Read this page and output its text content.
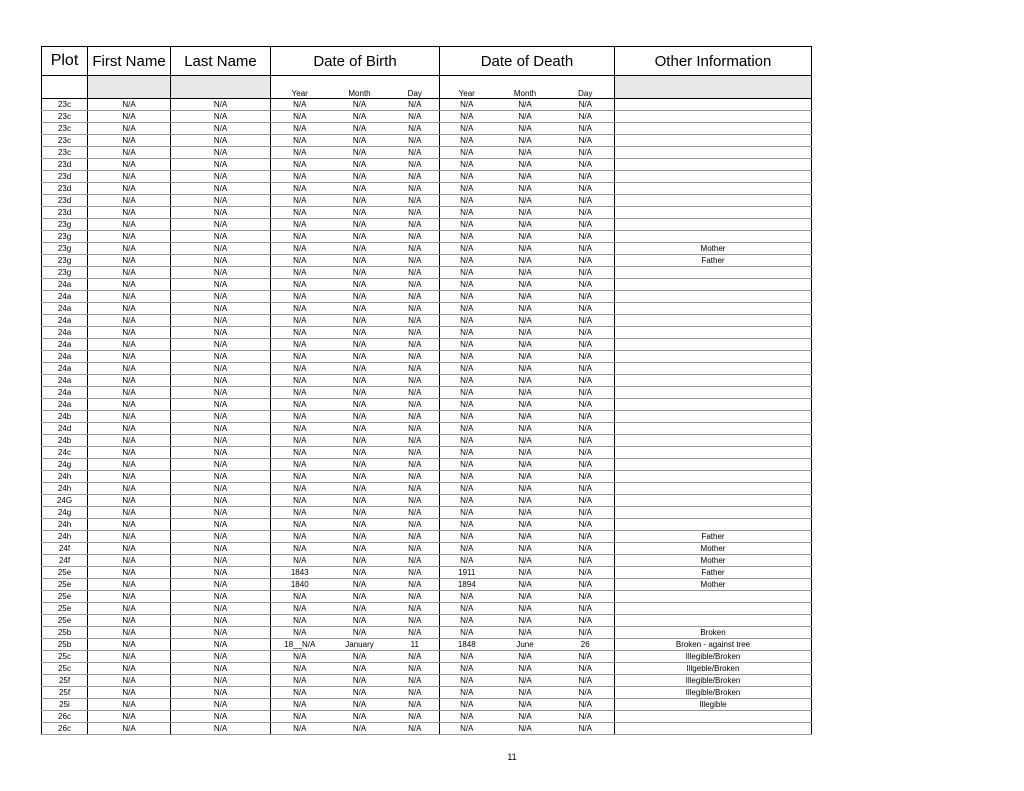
Plot	First Name	Last Name	Date of Birth			Date of Death			Other Information
			Year	Month	Day	Year	Month	Day	
23c	N/A	N/A	N/A	N/A	N/A	N/A	N/A	N/A	
23c	N/A	N/A	N/A	N/A	N/A	N/A	N/A	N/A	
23c	N/A	N/A	N/A	N/A	N/A	N/A	N/A	N/A	
23c	N/A	N/A	N/A	N/A	N/A	N/A	N/A	N/A	
23c	N/A	N/A	N/A	N/A	N/A	N/A	N/A	N/A	
23d	N/A	N/A	N/A	N/A	N/A	N/A	N/A	N/A	
23d	N/A	N/A	N/A	N/A	N/A	N/A	N/A	N/A	
23d	N/A	N/A	N/A	N/A	N/A	N/A	N/A	N/A	
23d	N/A	N/A	N/A	N/A	N/A	N/A	N/A	N/A	
23d	N/A	N/A	N/A	N/A	N/A	N/A	N/A	N/A	
23g	N/A	N/A	N/A	N/A	N/A	N/A	N/A	N/A	
23g	N/A	N/A	N/A	N/A	N/A	N/A	N/A	N/A	
23g	N/A	N/A	N/A	N/A	N/A	N/A	N/A	N/A	Mother
23g	N/A	N/A	N/A	N/A	N/A	N/A	N/A	N/A	Father
23g	N/A	N/A	N/A	N/A	N/A	N/A	N/A	N/A	
24a	N/A	N/A	N/A	N/A	N/A	N/A	N/A	N/A	
24a	N/A	N/A	N/A	N/A	N/A	N/A	N/A	N/A	
24a	N/A	N/A	N/A	N/A	N/A	N/A	N/A	N/A	
24a	N/A	N/A	N/A	N/A	N/A	N/A	N/A	N/A	
24a	N/A	N/A	N/A	N/A	N/A	N/A	N/A	N/A	
24a	N/A	N/A	N/A	N/A	N/A	N/A	N/A	N/A	
24a	N/A	N/A	N/A	N/A	N/A	N/A	N/A	N/A	
24a	N/A	N/A	N/A	N/A	N/A	N/A	N/A	N/A	
24a	N/A	N/A	N/A	N/A	N/A	N/A	N/A	N/A	
24a	N/A	N/A	N/A	N/A	N/A	N/A	N/A	N/A	
24a	N/A	N/A	N/A	N/A	N/A	N/A	N/A	N/A	
24b	N/A	N/A	N/A	N/A	N/A	N/A	N/A	N/A	
24d	N/A	N/A	N/A	N/A	N/A	N/A	N/A	N/A	
24b	N/A	N/A	N/A	N/A	N/A	N/A	N/A	N/A	
24c	N/A	N/A	N/A	N/A	N/A	N/A	N/A	N/A	
24g	N/A	N/A	N/A	N/A	N/A	N/A	N/A	N/A	
24h	N/A	N/A	N/A	N/A	N/A	N/A	N/A	N/A	
24h	N/A	N/A	N/A	N/A	N/A	N/A	N/A	N/A	
24G	N/A	N/A	N/A	N/A	N/A	N/A	N/A	N/A	
24g	N/A	N/A	N/A	N/A	N/A	N/A	N/A	N/A	
24h	N/A	N/A	N/A	N/A	N/A	N/A	N/A	N/A	
24h	N/A	N/A	N/A	N/A	N/A	N/A	N/A	N/A	Father
24f	N/A	N/A	N/A	N/A	N/A	N/A	N/A	N/A	Mother
24f	N/A	N/A	N/A	N/A	N/A	N/A	N/A	N/A	Mother
25e	N/A	N/A	1843	N/A	N/A	1911	N/A	N/A	Father
25e	N/A	N/A	1840	N/A	N/A	1894	N/A	N/A	Mother
25e	N/A	N/A	N/A	N/A	N/A	N/A	N/A	N/A	
25e	N/A	N/A	N/A	N/A	N/A	N/A	N/A	N/A	
25e	N/A	N/A	N/A	N/A	N/A	N/A	N/A	N/A	
25b	N/A	N/A	N/A	N/A	N/A	N/A	N/A	N/A	Broken
25b	N/A	N/A	18__N/A	January	11	1848	June	26	Broken - against tree
25c	N/A	N/A	N/A	N/A	N/A	N/A	N/A	N/A	Illegible/Broken
25c	N/A	N/A	N/A	N/A	N/A	N/A	N/A	N/A	Illgeble/Broken
25f	N/A	N/A	N/A	N/A	N/A	N/A	N/A	N/A	Illegible/Broken
25f	N/A	N/A	N/A	N/A	N/A	N/A	N/A	N/A	Illegible/Broken
25i	N/A	N/A	N/A	N/A	N/A	N/A	N/A	N/A	Illegible
26c	N/A	N/A	N/A	N/A	N/A	N/A	N/A	N/A	
26c	N/A	N/A	N/A	N/A	N/A	N/A	N/A	N/A	
11
